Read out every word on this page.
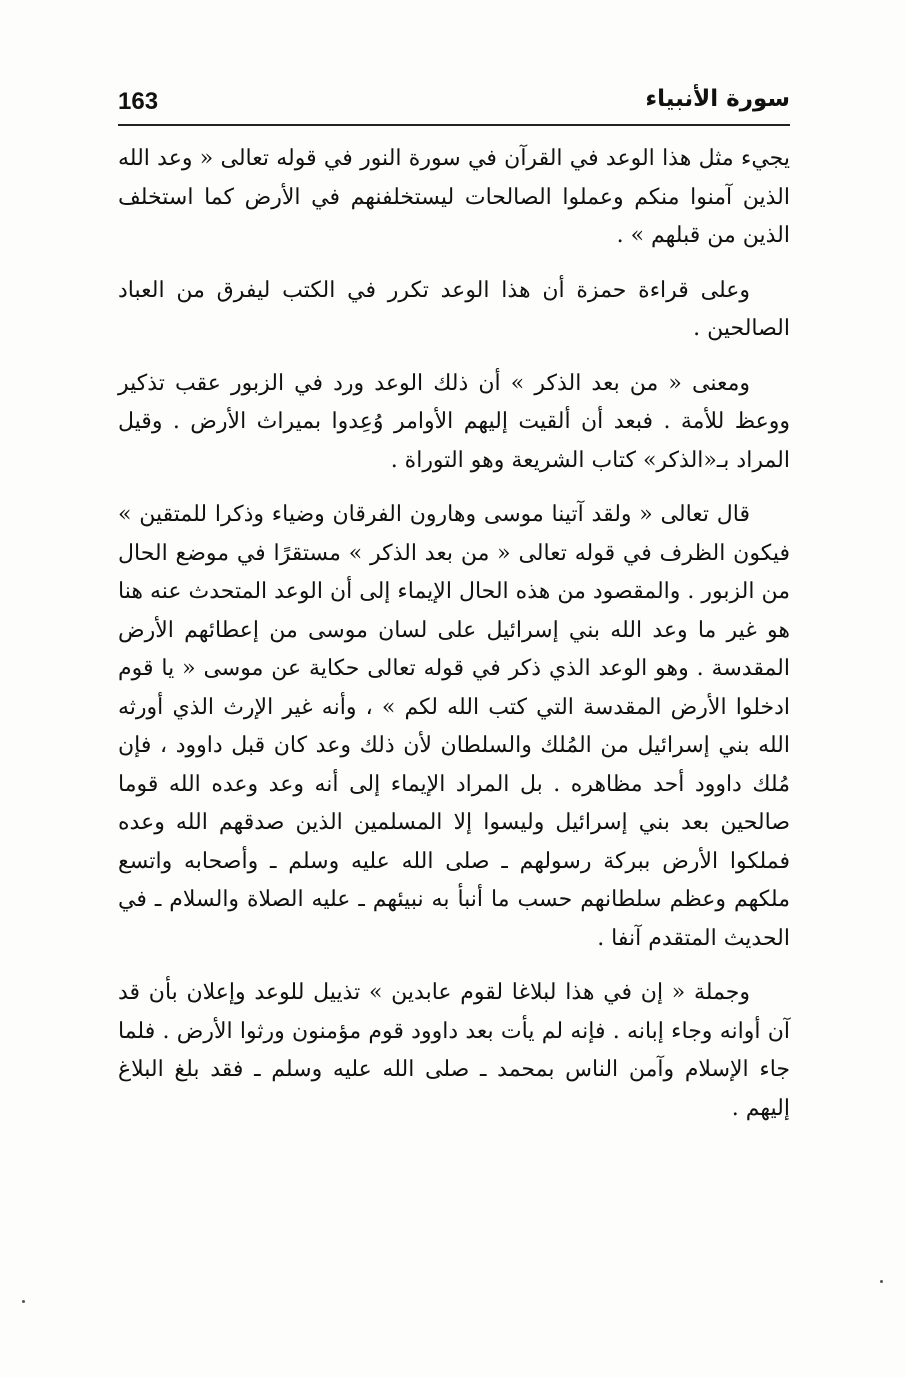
163	سورة الأنبياء

يجيء مثل هذا الوعد في القرآن في سورة النور في قوله تعالى « وعد الله الذين آمنوا منكم وعملوا الصالحات ليستخلفنهم في الأرض كما استخلف الذين من قبلهم » .

وعلى قراءة حمزة أن هذا الوعد تكرر في الكتب ليفرق من العباد الصالحين .

ومعنى « من بعد الذكر » أن ذلك الوعد ورد في الزبور عقب تذكير ووعظ للأمة . فبعد أن ألقيت إليهم الأوامر وُعِدوا بميراث الأرض . وقيل المراد بـ«الذكر» كتاب الشريعة وهو التوراة .

قال تعالى « ولقد آتينا موسى وهارون الفرقان وضياء وذكرا للمتقين » فيكون الظرف في قوله تعالى « من بعد الذكر » مستقرًا في موضع الحال من الزبور . والمقصود من هذه الحال الإيماء إلى أن الوعد المتحدث عنه هنا هو غير ما وعد الله بني إسرائيل على لسان موسى من إعطائهم الأرض المقدسة . وهو الوعد الذي ذكر في قوله تعالى حكاية عن موسى « يا قوم ادخلوا الأرض المقدسة التي كتب الله لكم » ، وأنه غير الإرث الذي أورثه الله بني إسرائيل من المُلك والسلطان لأن ذلك وعد كان قبل داوود ، فإن مُلك داوود أحد مظاهره . بل المراد الإيماء إلى أنه وعد وعده الله قوما صالحين بعد بني إسرائيل وليسوا إلا المسلمين الذين صدقهم الله وعده فملكوا الأرض ببركة رسولهم ـ صلى الله عليه وسلم ـ وأصحابه واتسع ملكهم وعظم سلطانهم حسب ما أنبأ به نبيئهم ـ عليه الصلاة والسلام ـ في الحديث المتقدم آنفا .

وجملة « إن في هذا لبلاغا لقوم عابدين » تذييل للوعد وإعلان بأن قد آن أوانه وجاء إبانه . فإنه لم يأت بعد داوود قوم مؤمنون ورثوا الأرض . فلما جاء الإسلام وآمن الناس بمحمد ـ صلى الله عليه وسلم ـ فقد بلغ البلاغ إليهم .
